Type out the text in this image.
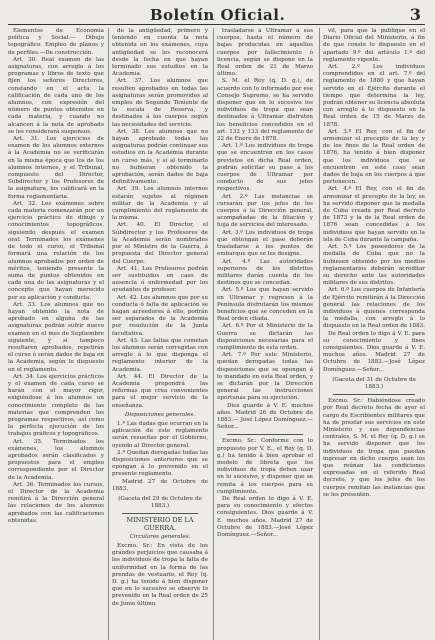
Boletín Oficial.	3

Elementos de Economía política y Social.— Dibujo topográfico. Empleo de planos y de perfiles.—De construcción.

Art. 30. Real examen de las asignaturas, con arreglo á los programas y libros de texto que fijen los señores Directores, constando en el acta la calificación de cada uno de los alumnos, con expresión del número de puntos obtenidos en cada materia, y cuando no alcancen á la nota de aprobado se les considerará suspensos.

Art. 31. Los ejercicios de examen de los alumnos externos á la Academia no se verificarán en la misma época que los de los alumnos internos, y el Tribunal, compuesto del Director, Subdirector y los Profesores de la asignatura, los calificará en la forma reglamentaria.

Art. 32. Los exámenes sobre cada materia comenzarán por un ejercicio práctico de dibujo y conocimientos topográficos, siguiendo después el examen oral. Terminados los exámenes de todo el curso, el Tribunal formará una relación de los alumnos aprobados por orden de méritos, teniendo presente la suma de puntos obtenidos en cada una de las asignaturas y el concepto que hayan merecido por su aplicación y conducta.

Art. 33. Los alumnos que no hayan obtenido la nota de aprobado en alguna de las asignaturas podrán sufrir nuevo examen en el mes de Septiembre siguiente, y si tampoco resultaren aprobados, repetirán el curso ó serán dados de baja en la Academia, según lo dispuesto en el reglamento.

Art. 34. Los ejercicios prácticos y el examen de cada curso se harán con el mayor rigor, exigiéndose á los alumnos un conocimiento completo de las materias que comprenden los programas respectivos, así como la perfecta ejecución de los trabajos gráficos y topográficos.

Art. 35. Terminados los exámenes, los alumnos aprobados serán clasificados y propuestos para el empleo correspondiente por el Director de la Academia.

Art. 36. Terminados los cursos, el Director de la Academia remitirá á la Dirección general las relaciones de los alumnos aprobados con las calificaciones obtenidas.

de la antigüedad, primero y teniendo en cuenta la nota obtenida en los exámenes, cuya antigüedad se les reconocerá desde la fecha en que hayan terminado sus estudios en la Academia.

Art. 37. Los alumnos que resulten aprobados en todas las asignaturas serán promovidos al empleo de Segundo Teniente de la escala de Reserva, y destinados á los cuerpos según las necesidades del servicio.

Art. 38. Los alumnos que no hayan aprobado todas las asignaturas podrán continuar sus estudios en la Academia durante un curso más, y si al terminarlo no hubieran obtenido la aprobación, serán dados de baja definitivamente.

Art. 39. Los alumnos internos estarán sujetos al régimen militar de la Academia y al cumplimiento del reglamento de la misma.

Art. 40. El Director, el Subdirector y los Profesores de la Academia serán nombrados por el Ministro de la Guerra, á propuesta del Director general del Cuerpo.

Art. 41. Los Profesores podrán ser sustituidos en caso de ausencia ó enfermedad por los ayudantes de profesor.

Art. 42. Los alumnos que por su conducta ó falta de aplicación se hagan acreedores á ello, podrán ser separados de la Academia por resolución de la Junta facultativa.

Art. 43. Las faltas que cometan los alumnos serán corregidas con arreglo á lo que disponga el reglamento interior de la Academia.

Art. 44. El Director de la Academia propondrá las reformas que crea convenientes para el mejor servicio de la enseñanza.

Disposiciones generales.

1.ª Las dudas que ocurran en la aplicación de este reglamento serán resueltas por el Gobierno, oyendo al Director general.

2.ª Quedan derogadas todas las disposiciones anteriores que se opongan á lo prevenido en el presente reglamento.

Madrid 27 de Octubre de 1883.

(Gaceta del 29 de Octubre de 1883.)

MINISTERIO DE LA GUERRA.

Circulares generales.

Excmo. Sr.: En vista de los grandes perjuicios que causaba á los individuos de tropa la falta de uniformidad en la forma de las prendas de vestuario, el Rey (q. D. g.) ha tenido á bien disponer que en lo sucesivo se observe lo prevenido en la Real orden de 25 de Junio último.

trasladarse á Ultramar á sus cuerpos, hasta el número de bajas producidas en aquellos cuerpos por fallecimiento ó licencia, según se dispone en la Real orden de 21 de Marzo último.

S. M. el Rey (q. D. g.), de acuerdo con lo informado por ese Consejo Supremo, se ha servido disponer que en lo sucesivo los individuos de tropa que sean destinados á Ultramar disfruten los beneficios concedidos en el art. 132 y 133 del reglamento de 22 de Enero de 1878.

Art. 1.º Los individuos de tropa que se encuentren en los casos previstos en dicha Real orden, podrán solicitar su pase á los cuerpos de Ultramar por conducto de sus jefes respectivos.

Art. 2.º Las instancias se cursarán por los jefes de los cuerpos á la Dirección general, acompañadas de la filiación y hoja de servicios del interesado.

Art. 3.º Los individuos de tropa que obtengan el pase deberán trasladarse á los puntos de embarque que se les designe.

Art. 4.º Las autoridades superiores de los distritos militares darán cuenta de los destinos que se concedan.

Art. 5.º Los que hayan servido en Ultramar y regresen á la Península disfrutarán los mismos beneficios que se conceden en la Real orden citada.

Art. 6.º Por el Ministerio de la Guerra se dictarán las disposiciones necesarias para el cumplimiento de esta orden.

Art. 7.º Por este Ministerio, quedan derogadas todas las disposiciones que se opongan á lo mandado en esta Real orden, y se dictarán por la Dirección general las instrucciones oportunas para su ejecución.

Dios guarde á V. E. muchos años. Madrid 26 de Octubre de 1883.— José López Domínguez.—Señor...

Excmo. Sr.: Conforme con lo propuesto por V. E., el Rey (q. D. g.) ha tenido á bien aprobar el modelo de libreta que los individuos de tropa deben usar en lo sucesivo, y disponer que se remita á los cuerpos para su cumplimiento.

De Real orden lo digo á V. E. para su conocimiento y efectos consiguientes. Dios guarde á V. E. muchos años. Madrid 27 de Octubre de 1883.—José López Domínguez.—Señor...

vil, para que la publique en el Diario Oficial del Ministerio, á fin de que conste lo dispuesto en el apartado 9.º del artículo 1.º del reglamento vigente.

Art. 2.º Los individuos comprendidos en el art. 7.º del reglamento de 1880 y que hayan servido en el Ejército durante el tiempo que determina la ley, podrán obtener su licencia absoluta con arreglo á lo dispuesto en la Real orden de 15 de Marzo de 1878.

Art. 3.º El Rey, con el fin de armonizar el precepto de la ley y de los fines de la Real orden de 1876, ha tenido á bien disponer que los individuos que se encuentren en este caso sean dados de baja en los cuerpos á que pertenecen.

Art. 4.º El Rey, con el fin de armonizar el precepto de la ley, se ha servido disponer que la medalla de Cuba creada por Real decreto de 1873 y la de la Real orden de 1876 sean concedidas á los individuos que hayan servido en la isla de Cuba durante la campaña.

Art. 5.º Los poseedores de la medalla de Cuba que no la hubiesen obtenido por los medios reglamentarios deberán acreditar su derecho ante las autoridades militares de sus distritos.

Art. 6.º Los cuerpos de Infantería de Ejército remitirán á la Dirección general las relaciones de los individuos á quienes corresponda la medalla, con arreglo á lo dispuesto en la Real orden de 1883.

De Real orden lo digo á V. E. para su conocimiento y fines consiguientes. Dios guarde á V. E. muchos años. Madrid 27 de Octubre de 1883.—José López Domínguez.—Señor...

(Gaceta del 31 de Octubre de 1883.)

Excmo. Sr.: Habiéndose creado por Real decreto fecha de ayer el cargo de Escribientes militares que ha de prestar sus servicios en este Ministerio y sus dependencias centrales, S. M. el Rey (q. D. g.) se ha servido disponer que los individuos de tropa que puedan ingresar en dicho cuerpo sean los que reúnan las condiciones expresadas en el referido Real decreto, y que los jefes de los cuerpos remitan las instancias que se les presenten.
